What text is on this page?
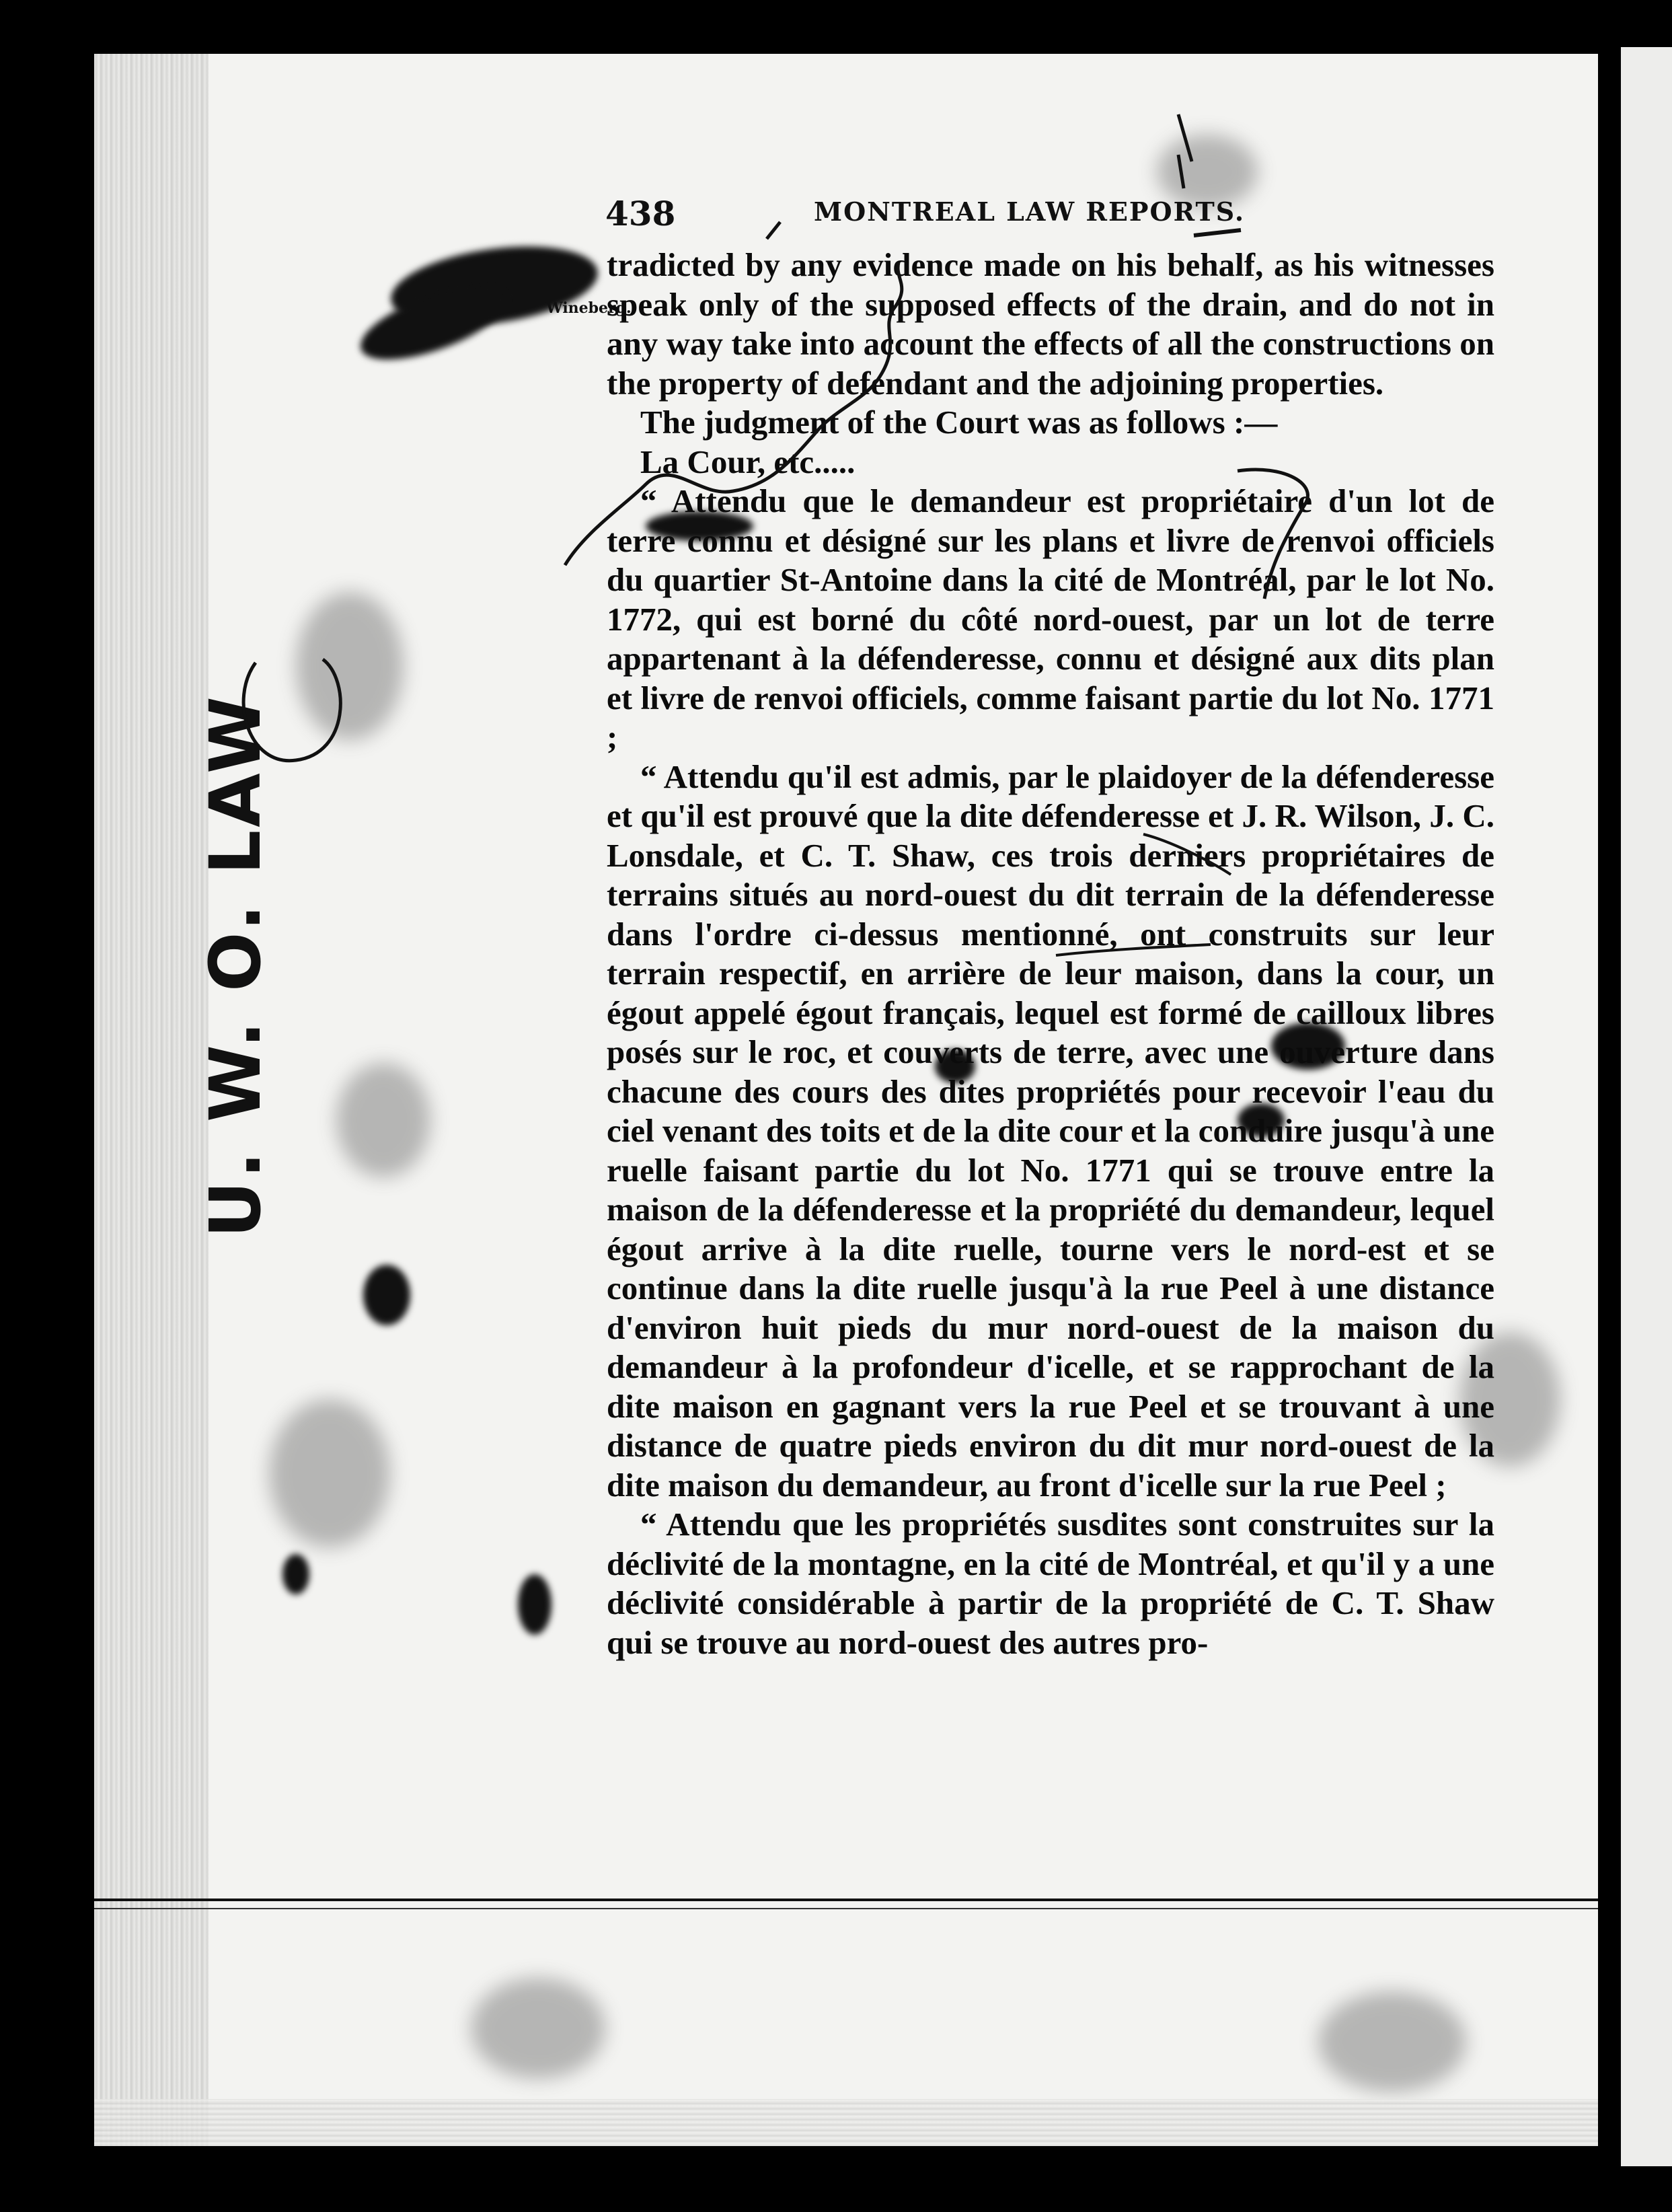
U. W. O. LAW
438	MONTREAL LAW REPORTS.
Wineberg.

tradicted by any evidence made on his behalf, as his witnesses speak only of the supposed effects of the drain, and do not in any way take into account the effects of all the constructions on the property of defendant and the adjoining properties.

The judgment of the Court was as follows :—

La Cour, etc.....

“ Attendu que le demandeur est propriétaire d'un lot de terre connu et désigné sur les plans et livre de renvoi officiels du quartier St-Antoine dans la cité de Montréal, par le lot No. 1772, qui est borné du côté nord-ouest, par un lot de terre appartenant à la défenderesse, connu et désigné aux dits plan et livre de renvoi officiels, comme faisant partie du lot No. 1771 ;

“ Attendu qu'il est admis, par le plaidoyer de la défenderesse et qu'il est prouvé que la dite défenderesse et J. R. Wilson, J. C. Lonsdale, et C. T. Shaw, ces trois derniers propriétaires de terrains situés au nord-ouest du dit terrain de la défenderesse dans l'ordre ci-dessus mentionné, ont construits sur leur terrain respectif, en arrière de leur maison, dans la cour, un égout appelé égout français, lequel est formé de cailloux libres posés sur le roc, et couverts de terre, avec une ouverture dans chacune des cours des dites propriétés pour recevoir l'eau du ciel venant des toits et de la dite cour et la conduire jusqu'à une ruelle faisant partie du lot No. 1771 qui se trouve entre la maison de la défenderesse et la propriété du demandeur, lequel égout arrive à la dite ruelle, tourne vers le nord-est et se continue dans la dite ruelle jusqu'à la rue Peel à une distance d'environ huit pieds du mur nord-ouest de la maison du demandeur à la profondeur d'icelle, et se rapprochant de la dite maison en gagnant vers la rue Peel et se trouvant à une distance de quatre pieds environ du dit mur nord-ouest de la dite maison du demandeur, au front d'icelle sur la rue Peel ;

“ Attendu que les propriétés susdites sont construites sur la déclivité de la montagne, en la cité de Montréal, et qu'il y a une déclivité considérable à partir de la propriété de C. T. Shaw qui se trouve au nord-ouest des autres pro-
